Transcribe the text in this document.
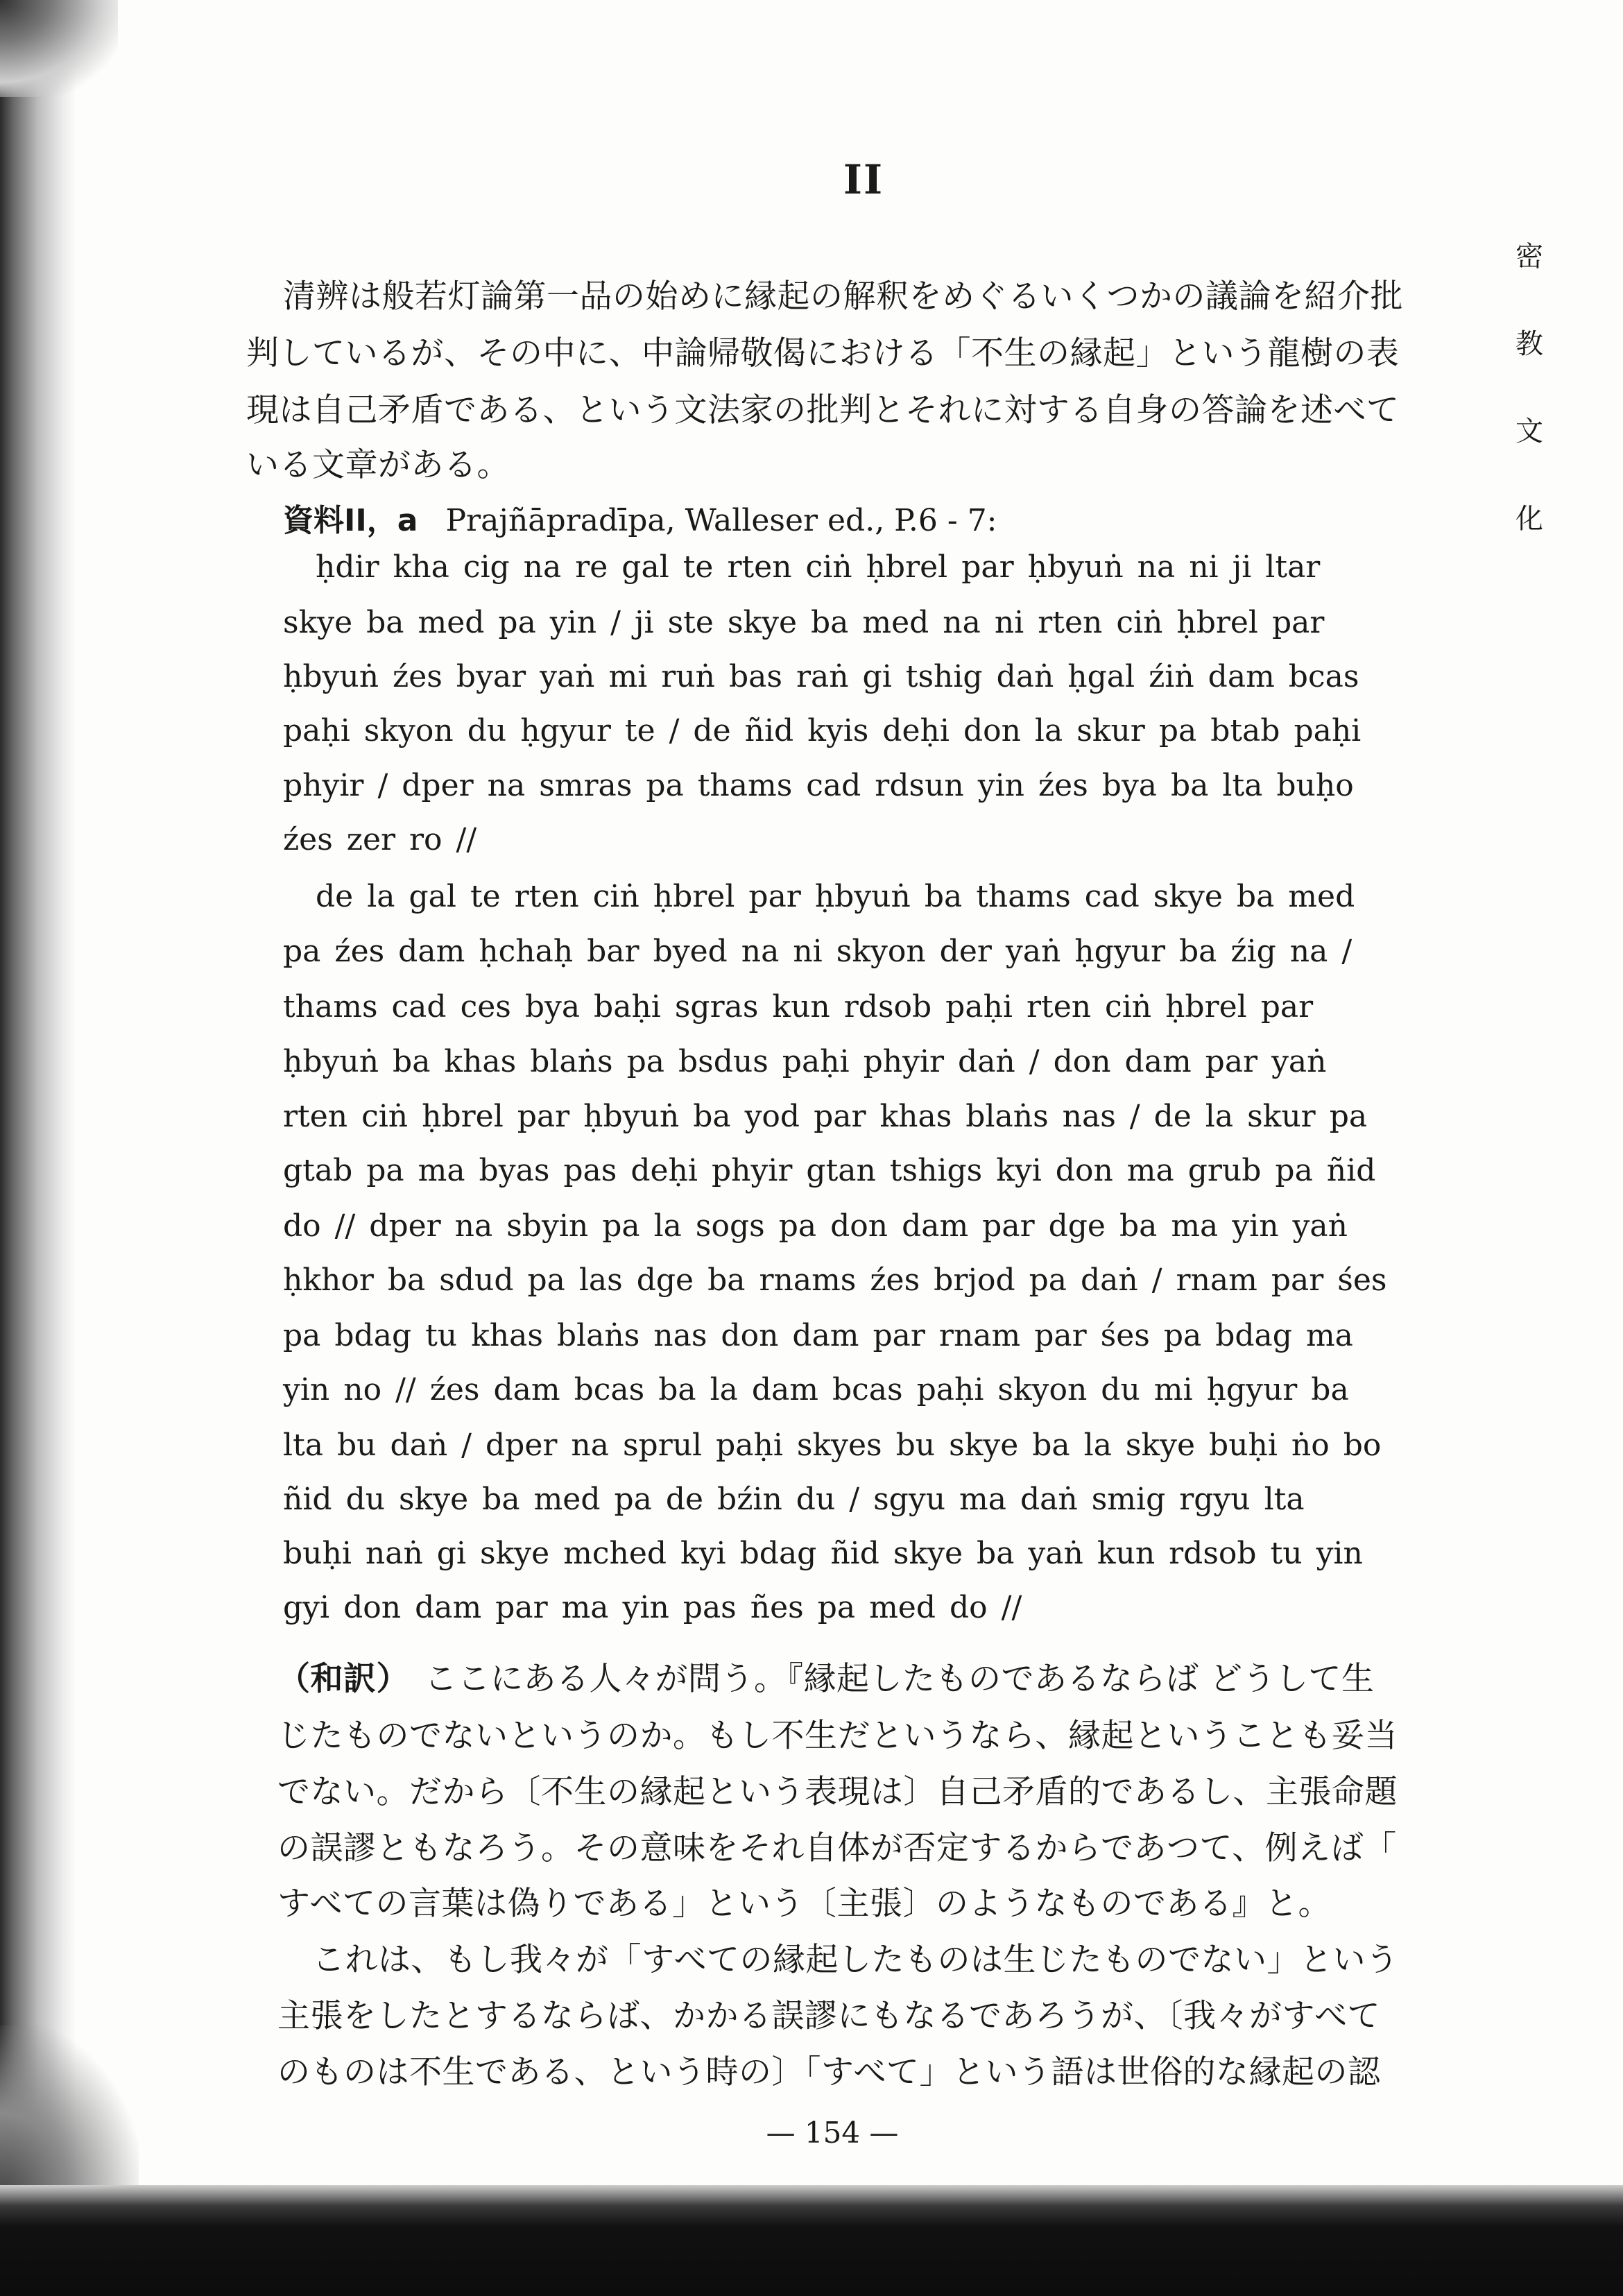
II
密
教
文
化
清辨は般若灯論第一品の始めに縁起の解釈をめぐるいくつかの議論を紹介批
判しているが、その中に、中論帰敬偈における「不生の縁起」という龍樹の表
現は自己矛盾である、という文法家の批判とそれに対する自身の答論を述べて
いる文章がある。
資料II，a Prajñāpradīpa, Walleser ed., P.6 - 7:
ḥdir kha cig na re gal te rten ciṅ ḥbrel par ḥbyuṅ na ni ji ltar
skye ba med pa yin / ji ste skye ba med na ni rten ciṅ ḥbrel par
ḥbyuṅ źes byar yaṅ mi ruṅ bas raṅ gi tshig daṅ ḥgal źiṅ dam bcas
paḥi skyon du ḥgyur te / de ñid kyis deḥi don la skur pa btab paḥi
phyir / dper na smras pa thams cad rdsun yin źes bya ba lta buḥo
źes zer ro //
de la gal te rten ciṅ ḥbrel par ḥbyuṅ ba thams cad skye ba med
pa źes dam ḥchaḥ bar byed na ni skyon der yaṅ ḥgyur ba źig na /
thams cad ces bya baḥi sgras kun rdsob paḥi rten ciṅ ḥbrel par
ḥbyuṅ ba khas blaṅs pa bsdus paḥi phyir daṅ / don dam par yaṅ
rten ciṅ ḥbrel par ḥbyuṅ ba yod par khas blaṅs nas / de la skur pa
gtab pa ma byas pas deḥi phyir gtan tshigs kyi don ma grub pa ñid
do // dper na sbyin pa la sogs pa don dam par dge ba ma yin yaṅ
ḥkhor ba sdud pa las dge ba rnams źes brjod pa daṅ / rnam par śes
pa bdag tu khas blaṅs nas don dam par rnam par śes pa bdag ma
yin no // źes dam bcas ba la dam bcas paḥi skyon du mi ḥgyur ba
lta bu daṅ / dper na sprul paḥi skyes bu skye ba la skye buḥi ṅo bo
ñid du skye ba med pa de bźin du / sgyu ma daṅ smig rgyu lta
buḥi naṅ gi skye mched kyi bdag ñid skye ba yaṅ kun rdsob tu yin
gyi don dam par ma yin pas ñes pa med do //
（和訳） ここにある人々が問う。『縁起したものであるならば どうして生
じたものでないというのか。もし不生だというなら、縁起ということも妥当
でない。だから〔不生の縁起という表現は〕自己矛盾的であるし、主張命題
の誤謬ともなろう。その意味をそれ自体が否定するからであつて、例えば「
すべての言葉は偽りである」という〔主張〕のようなものである』と。
これは、もし我々が「すべての縁起したものは生じたものでない」という
主張をしたとするならば、かかる誤謬にもなるであろうが、〔我々がすべて
のものは不生である、という時の〕「すべて」という語は世俗的な縁起の認
— 154 —
